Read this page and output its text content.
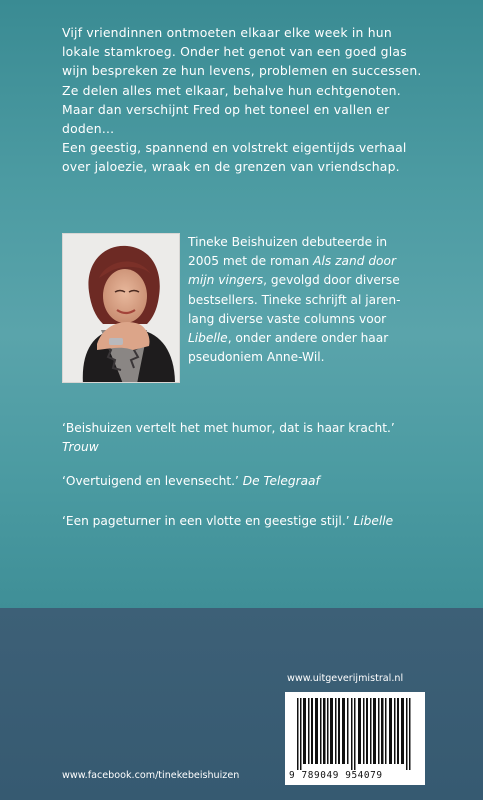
Vijf vriendinnen ontmoeten elkaar elke week in hun

lokale stamkroeg. Onder het genot van een goed glas

wijn bespreken ze hun levens, problemen en successen.

Ze delen alles met elkaar, behalve hun echtgenoten.

Maar dan verschijnt Fred op het toneel en vallen er

doden…

Een geestig, spannend en volstrekt eigentijds verhaal

over jaloezie, wraak en de grenzen van vriendschap.

Tineke Beishuizen debuteerde in
2005 met de roman Als zand door
mijn vingers, gevolgd door diverse
bestsellers. Tineke schrijft al jaren-
lang diverse vaste columns voor
Libelle, onder andere onder haar
pseudoniem Anne-Wil.
‘Beishuizen vertelt het met humor, dat is haar kracht.’
Trouw
‘Overtuigend en levensecht.’ De Telegraaf
‘Een pageturner in een vlotte en geestige stijl.’ Libelle
www.uitgeverijmistral.nl
9 789049 954079
www.facebook.com/tinekebeishuizen
